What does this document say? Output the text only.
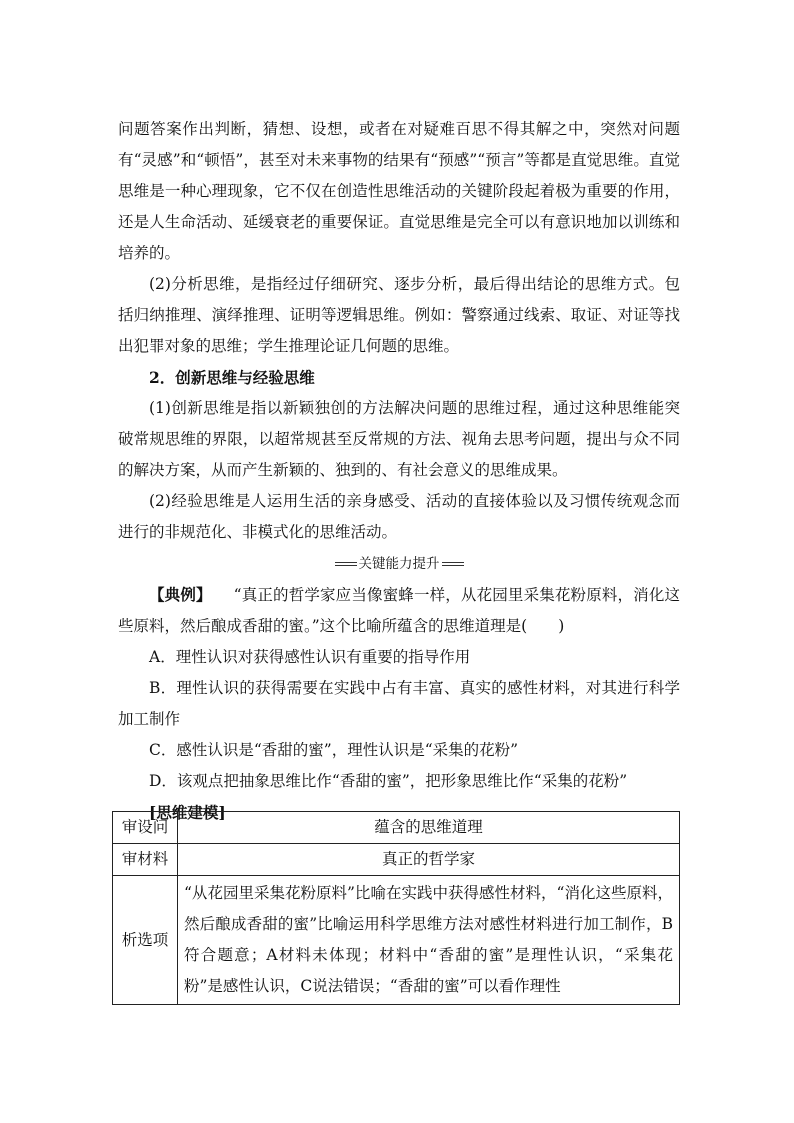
问题答案作出判断，猜想、设想，或者在对疑难百思不得其解之中，突然对问题有“灵感”和“顿悟”，甚至对未来事物的结果有“预感”“预言”等都是直觉思维。直觉思维是一种心理现象，它不仅在创造性思维活动的关键阶段起着极为重要的作用，还是人生命活动、延缓衰老的重要保证。直觉思维是完全可以有意识地加以训练和培养的。

(2)分析思维，是指经过仔细研究、逐步分析，最后得出结论的思维方式。包括归纳推理、演绎推理、证明等逻辑思维。例如：警察通过线索、取证、对证等找出犯罪对象的思维；学生推理论证几何题的思维。

2．创新思维与经验思维

(1)创新思维是指以新颖独创的方法解决问题的思维过程，通过这种思维能突破常规思维的界限，以超常规甚至反常规的方法、视角去思考问题，提出与众不同的解决方案，从而产生新颖的、独到的、有社会意义的思维成果。

(2)经验思维是人运用生活的亲身感受、活动的直接体验以及习惯传统观念而进行的非规范化、非模式化的思维活动。

关键能力提升

【典例】 “真正的哲学家应当像蜜蜂一样，从花园里采集花粉原料，消化这些原料，然后酿成香甜的蜜。”这个比喻所蕴含的思维道理是(　　)

A．理性认识对获得感性认识有重要的指导作用

B．理性认识的获得需要在实践中占有丰富、真实的感性材料，对其进行科学加工制作

C．感性认识是“香甜的蜜”，理性认识是“采集的花粉”

D．该观点把抽象思维比作“香甜的蜜”，把形象思维比作“采集的花粉”

[思维建模]

审设问	蕴含的思维道理
审材料	真正的哲学家
析选项	“从花园里采集花粉原料”比喻在实践中获得感性材料，“消化这些原料，然后酿成香甜的蜜”比喻运用科学思维方法对感性材料进行加工制作，B符合题意；A材料未体现；材料中“香甜的蜜”是理性认识，“采集花粉”是感性认识，C说法错误；“香甜的蜜”可以看作理性
